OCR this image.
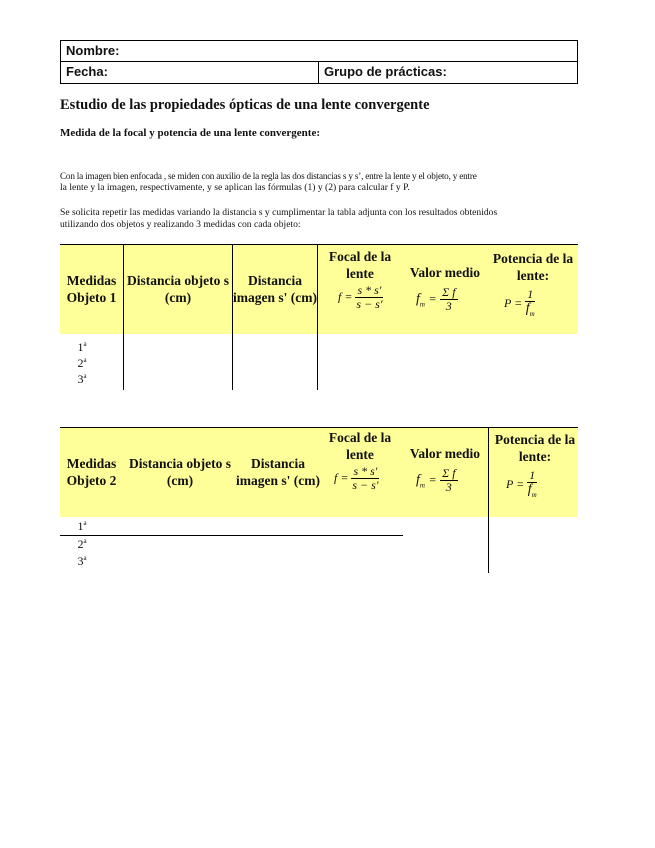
Nombre:
Fecha:	Grupo de prácticas:
Estudio de las propiedades ópticas de una lente convergente
Medida de la focal y potencia de una lente convergente:
Con la imagen bien enfocada , se miden con auxilio de la regla las dos distancias s y s’, entre la lente y el objeto, y entre
la lente y la imagen, respectivamente, y se aplican las fórmulas (1) y (2) para calcular f y P.
Se solicita repetir las medidas variando la distancia s y cumplimentar la tabla adjunta con los resultados obtenidos
utilizando dos objetos y realizando 3 medidas con cada objeto:
Medidas Objeto 1
Distancia objeto s (cm)
Distancia imagen s' (cm)
Focal de la lente
$f = \frac{s * s'}{s - s'}$
Valor medio
$f_m = \frac{\text{Σ f}}{3}$
Potencia de la lente:
$P = \frac{1}{f_m}$
1$^a$
2$^a$
3$^a$
Medidas Objeto 2
Distancia objeto s (cm)
Distancia imagen s' (cm)
Focal de la lente
$f = \frac{s * s'}{s - s'}$
Valor medio
$f_m = \frac{\text{Σ f}}{3}$
Potencia de la lente:
$P = \frac{1}{f_m}$
1$^a$
2$^a$
3$^a$
